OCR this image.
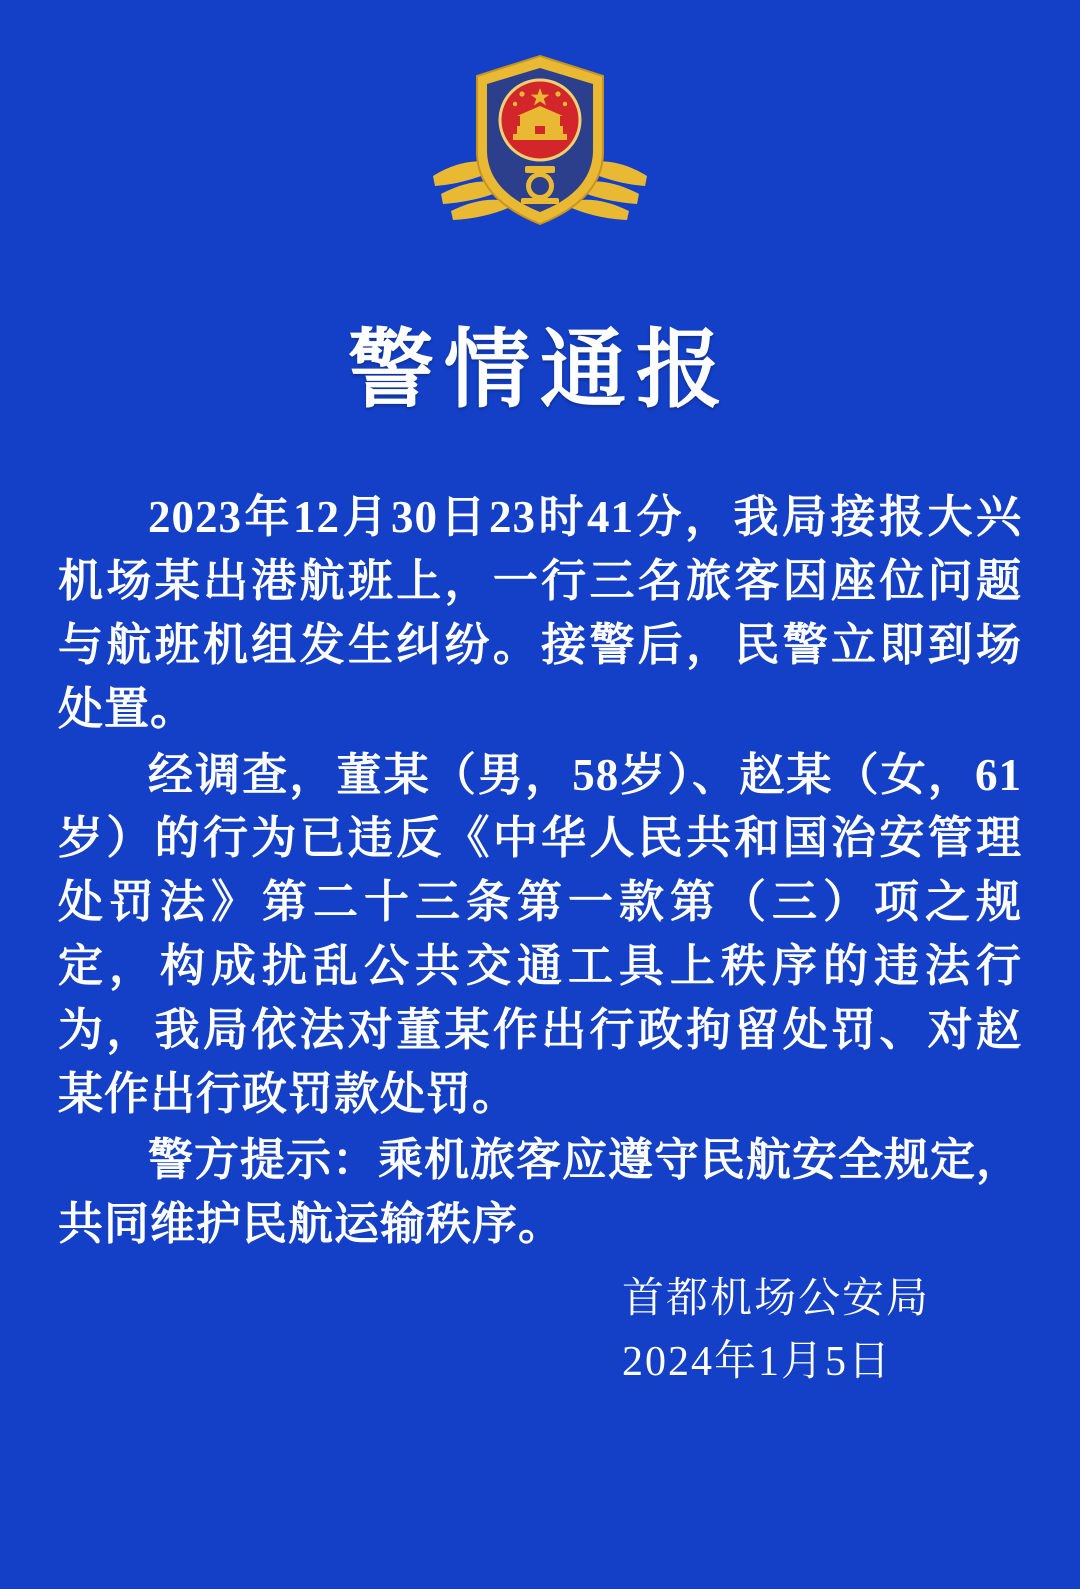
警情通报

2023年12月30日23时41分，我局接报大兴机场某出港航班上，一行三名旅客因座位问题与航班机组发生纠纷。接警后，民警立即到场处置。

经调查，董某（男，58岁）、赵某（女，61岁）的行为已违反《中华人民共和国治安管理处罚法》第二十三条第一款第（三）项之规定，构成扰乱公共交通工具上秩序的违法行为，我局依法对董某作出行政拘留处罚、对赵某作出行政罚款处罚。

警方提示：乘机旅客应遵守民航安全规定，共同维护民航运输秩序。

首都机场公安局
2024年1月5日
